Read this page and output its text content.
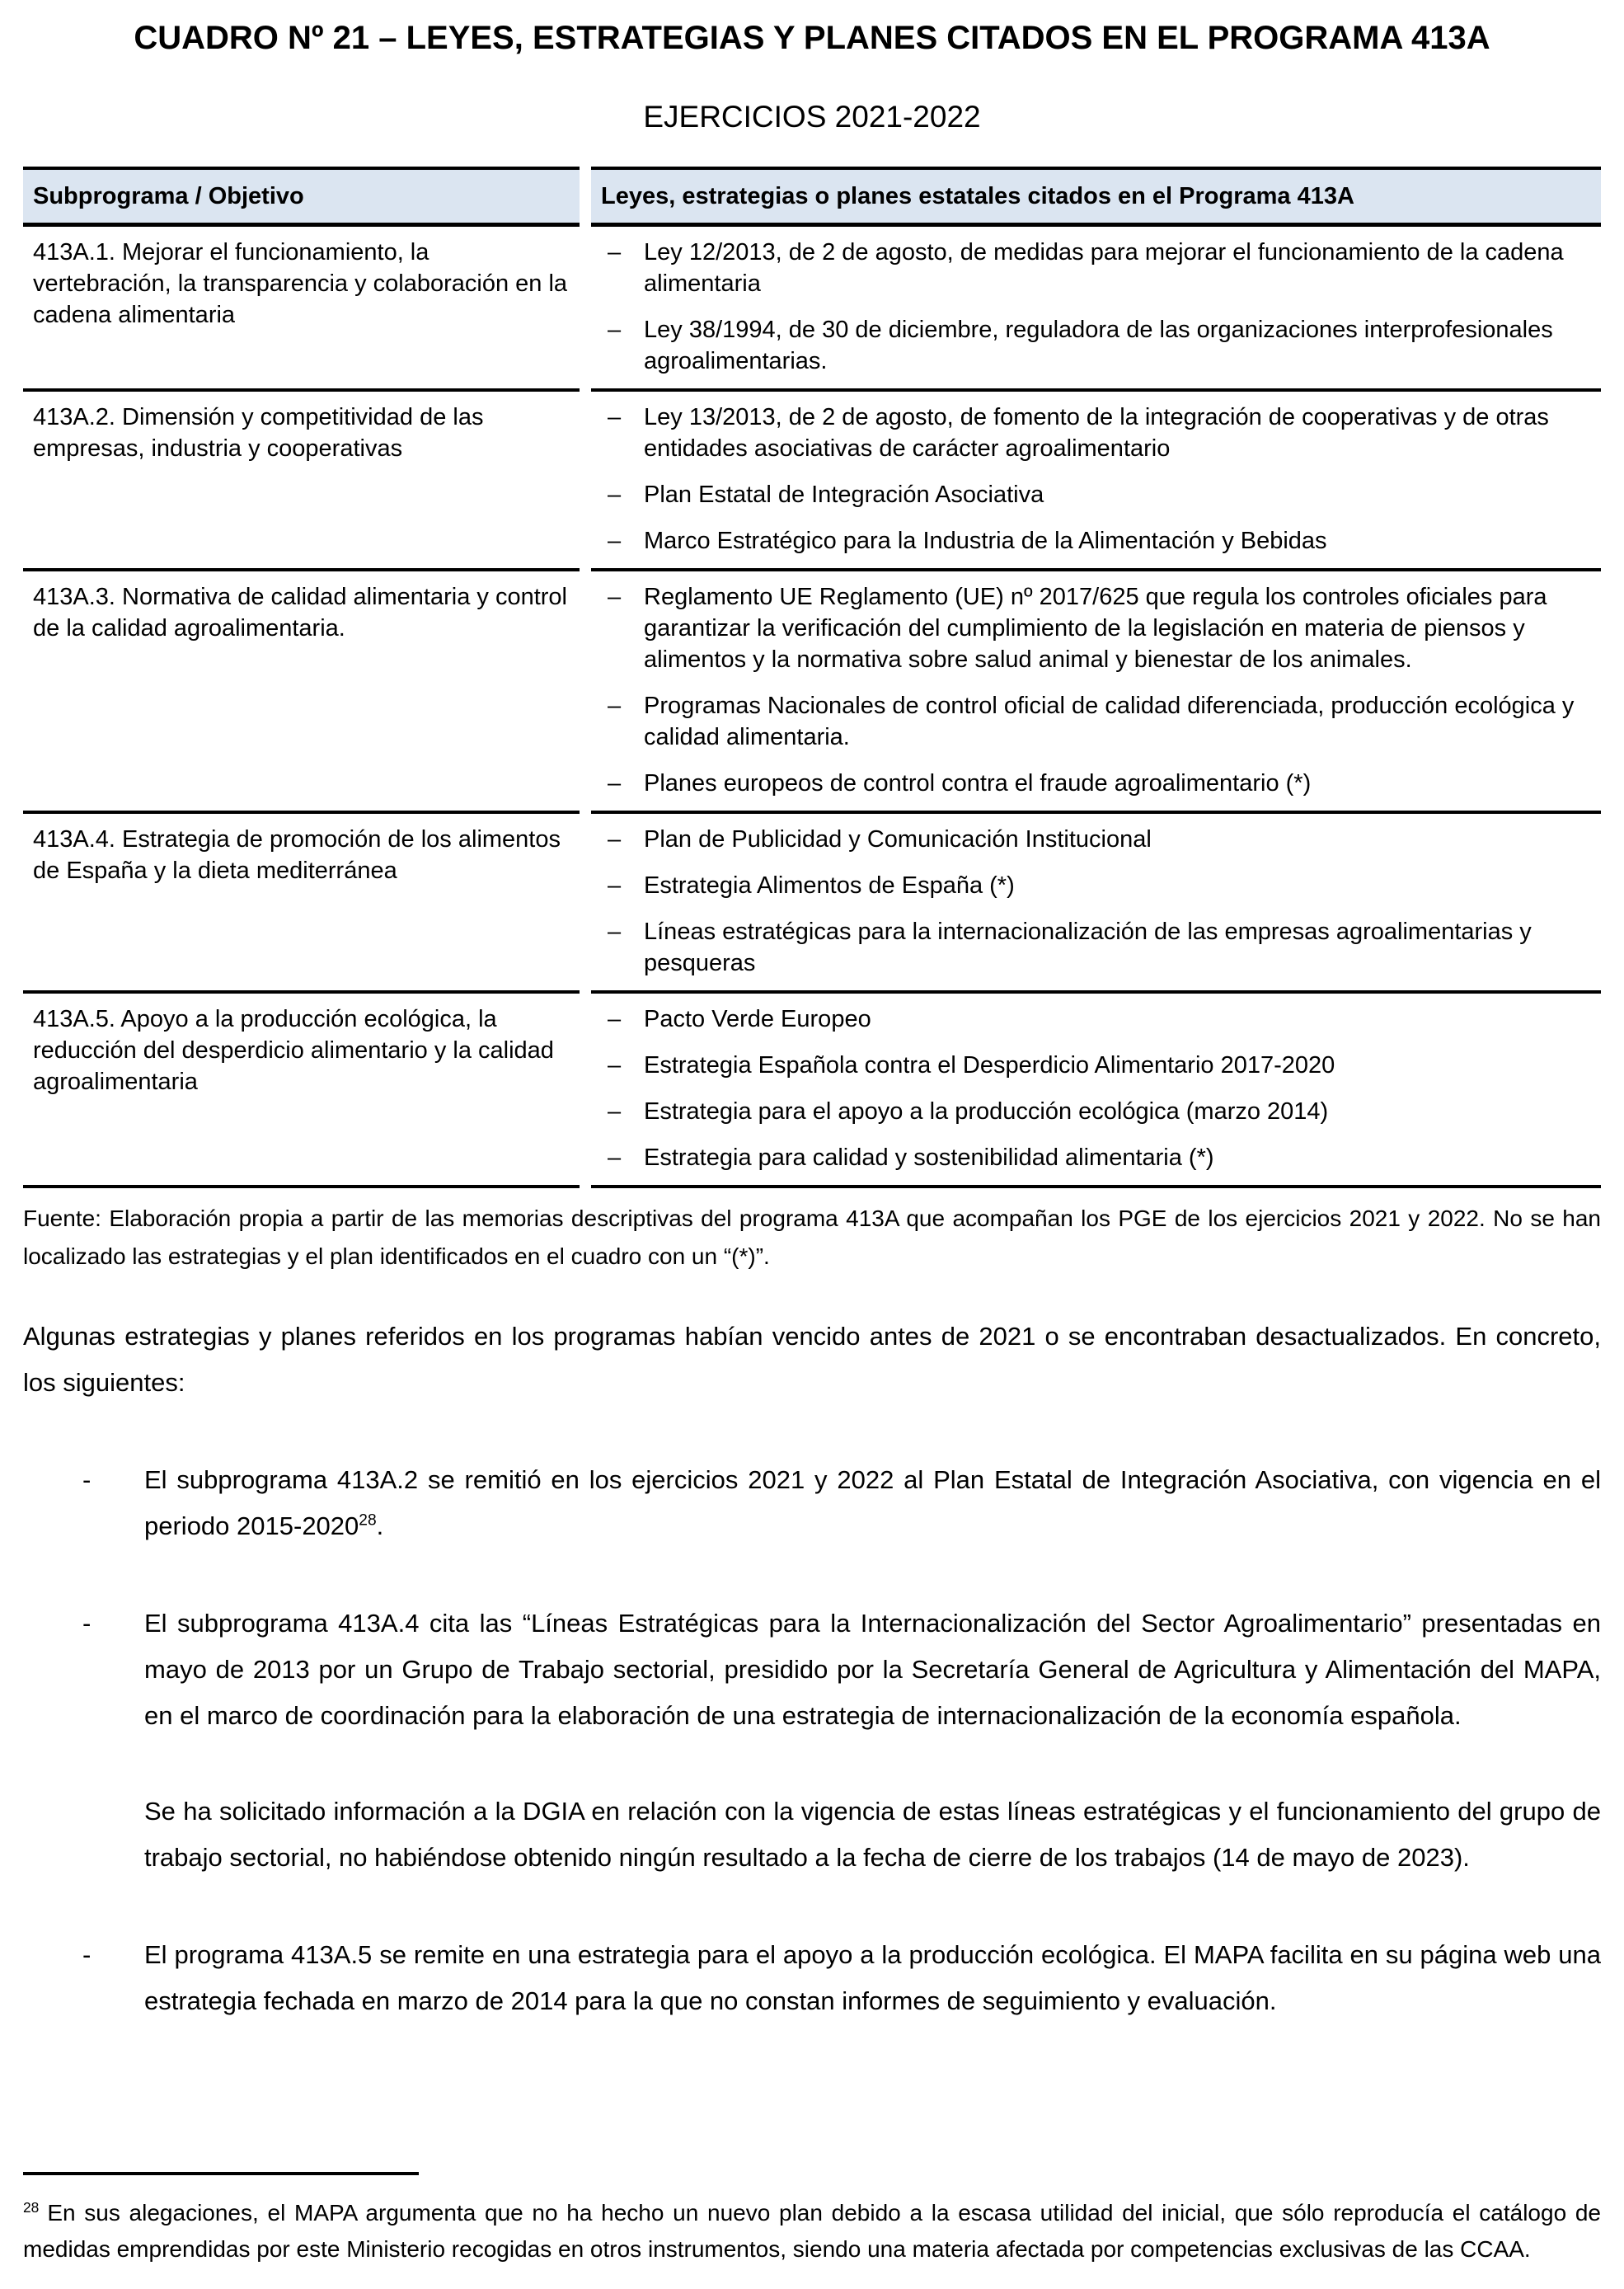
CUADRO Nº 21 – LEYES, ESTRATEGIAS Y PLANES CITADOS EN EL PROGRAMA 413A
EJERCICIOS 2021-2022
Subprograma / Objetivo	Leyes, estrategias o planes estatales citados en el Programa 413A
413A.1. Mejorar el funcionamiento, la vertebración, la transparencia y colaboración en la cadena alimentaria
– Ley 12/2013, de 2 de agosto, de medidas para mejorar el funcionamiento de la cadena alimentaria
– Ley 38/1994, de 30 de diciembre, reguladora de las organizaciones interprofesionales agroalimentarias.
413A.2. Dimensión y competitividad de las empresas, industria y cooperativas
– Ley 13/2013, de 2 de agosto, de fomento de la integración de cooperativas y de otras entidades asociativas de carácter agroalimentario
– Plan Estatal de Integración Asociativa
– Marco Estratégico para la Industria de la Alimentación y Bebidas
413A.3. Normativa de calidad alimentaria y control de la calidad agroalimentaria.
– Reglamento UE Reglamento (UE) nº 2017/625 que regula los controles oficiales para garantizar la verificación del cumplimiento de la legislación en materia de piensos y alimentos y la normativa sobre salud animal y bienestar de los animales.
– Programas Nacionales de control oficial de calidad diferenciada, producción ecológica y calidad alimentaria.
– Planes europeos de control contra el fraude agroalimentario (*)
413A.4. Estrategia de promoción de los alimentos de España y la dieta mediterránea
– Plan de Publicidad y Comunicación Institucional
– Estrategia Alimentos de España (*)
– Líneas estratégicas para la internacionalización de las empresas agroalimentarias y pesqueras
413A.5. Apoyo a la producción ecológica, la reducción del desperdicio alimentario y la calidad agroalimentaria
– Pacto Verde Europeo
– Estrategia Española contra el Desperdicio Alimentario 2017-2020
– Estrategia para el apoyo a la producción ecológica (marzo 2014)
– Estrategia para calidad y sostenibilidad alimentaria (*)
Fuente: Elaboración propia a partir de las memorias descriptivas del programa 413A que acompañan los PGE de los ejercicios 2021 y 2022. No se han localizado las estrategias y el plan identificados en el cuadro con un “(*)”.
Algunas estrategias y planes referidos en los programas habían vencido antes de 2021 o se encontraban desactualizados. En concreto, los siguientes:
-	El subprograma 413A.2 se remitió en los ejercicios 2021 y 2022 al Plan Estatal de Integración Asociativa, con vigencia en el periodo 2015-2020$^{28}$.
-	El subprograma 413A.4 cita las “Líneas Estratégicas para la Internacionalización del Sector Agroalimentario” presentadas en mayo de 2013 por un Grupo de Trabajo sectorial, presidido por la Secretaría General de Agricultura y Alimentación del MAPA, en el marco de coordinación para la elaboración de una estrategia de internacionalización de la economía española.
Se ha solicitado información a la DGIA en relación con la vigencia de estas líneas estratégicas y el funcionamiento del grupo de trabajo sectorial, no habiéndose obtenido ningún resultado a la fecha de cierre de los trabajos (14 de mayo de 2023).
-	El programa 413A.5 se remite en una estrategia para el apoyo a la producción ecológica. El MAPA facilita en su página web una estrategia fechada en marzo de 2014 para la que no constan informes de seguimiento y evaluación.
$^{28}$ En sus alegaciones, el MAPA argumenta que no ha hecho un nuevo plan debido a la escasa utilidad del inicial, que sólo reproducía el catálogo de medidas emprendidas por este Ministerio recogidas en otros instrumentos, siendo una materia afectada por competencias exclusivas de las CCAA.
